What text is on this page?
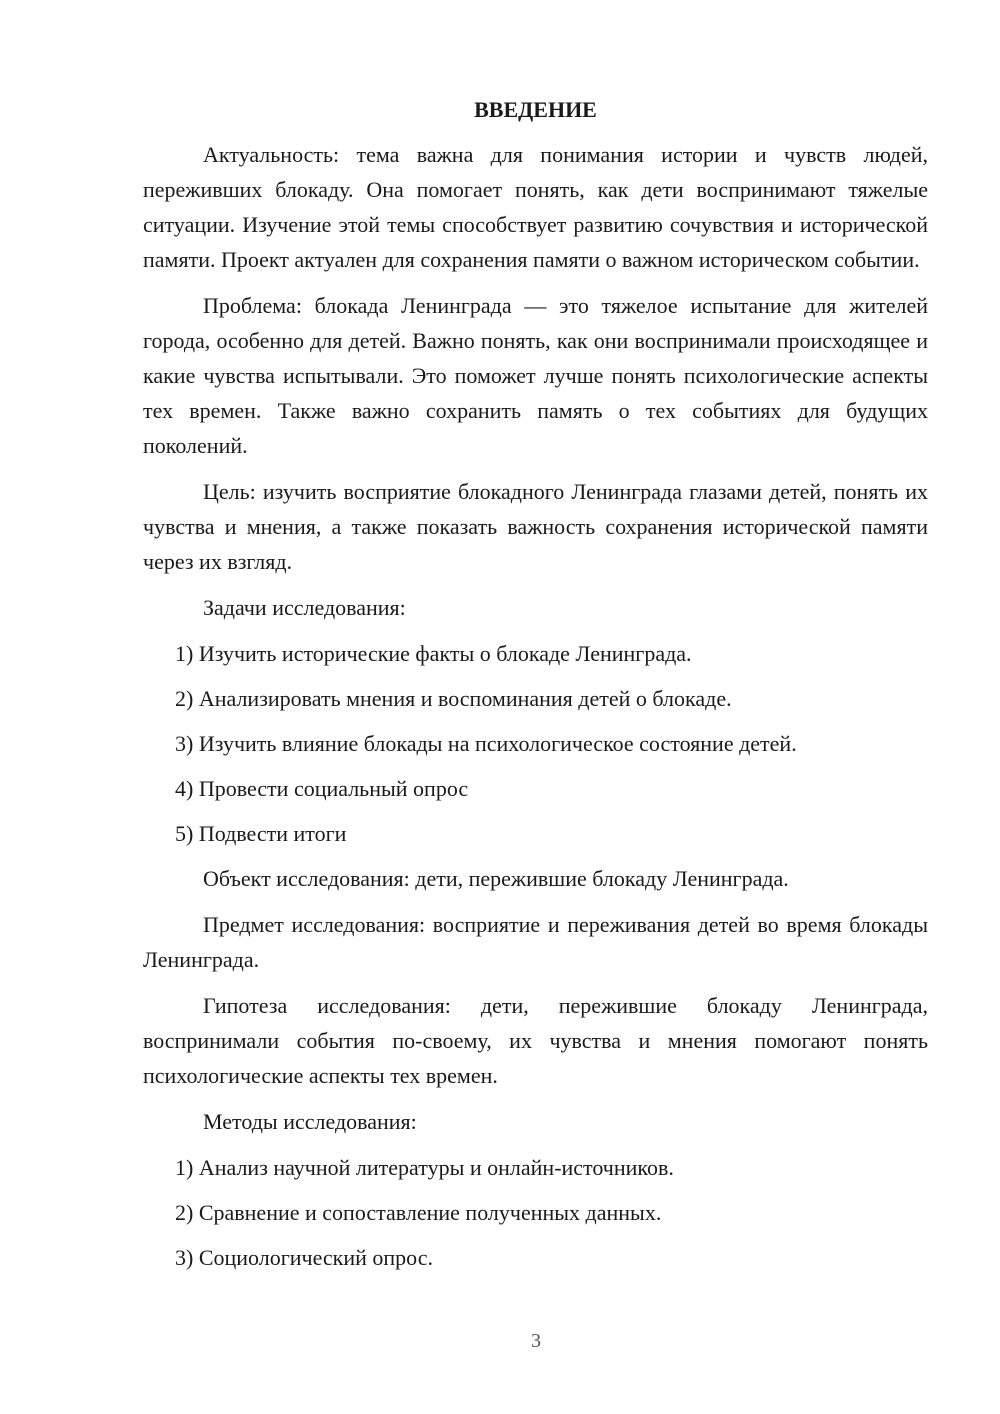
ВВЕДЕНИЕ

Актуальность: тема важна для понимания истории и чувств людей, переживших блокаду. Она помогает понять, как дети воспринимают тяжелые ситуации. Изучение этой темы способствует развитию сочувствия и исторической памяти. Проект актуален для сохранения памяти о важном историческом событии.

Проблема: блокада Ленинграда — это тяжелое испытание для жителей города, особенно для детей. Важно понять, как они воспринимали происходящее и какие чувства испытывали. Это поможет лучше понять психологические аспекты тех времен. Также важно сохранить память о тех событиях для будущих поколений.

Цель: изучить восприятие блокадного Ленинграда глазами детей, понять их чувства и мнения, а также показать важность сохранения исторической памяти через их взгляд.

Задачи исследования:

1) Изучить исторические факты о блокаде Ленинграда.
2) Анализировать мнения и воспоминания детей о блокаде.
3) Изучить влияние блокады на психологическое состояние детей.
4) Провести социальный опрос
5) Подвести итоги

Объект исследования: дети, пережившие блокаду Ленинграда.

Предмет исследования: восприятие и переживания детей во время блокады Ленинграда.

Гипотеза исследования: дети, пережившие блокаду Ленинграда, воспринимали события по-своему, их чувства и мнения помогают понять психологические аспекты тех времен.

Методы исследования:

1) Анализ научной литературы и онлайн-источников.
2) Сравнение и сопоставление полученных данных.
3) Социологический опрос.
3
